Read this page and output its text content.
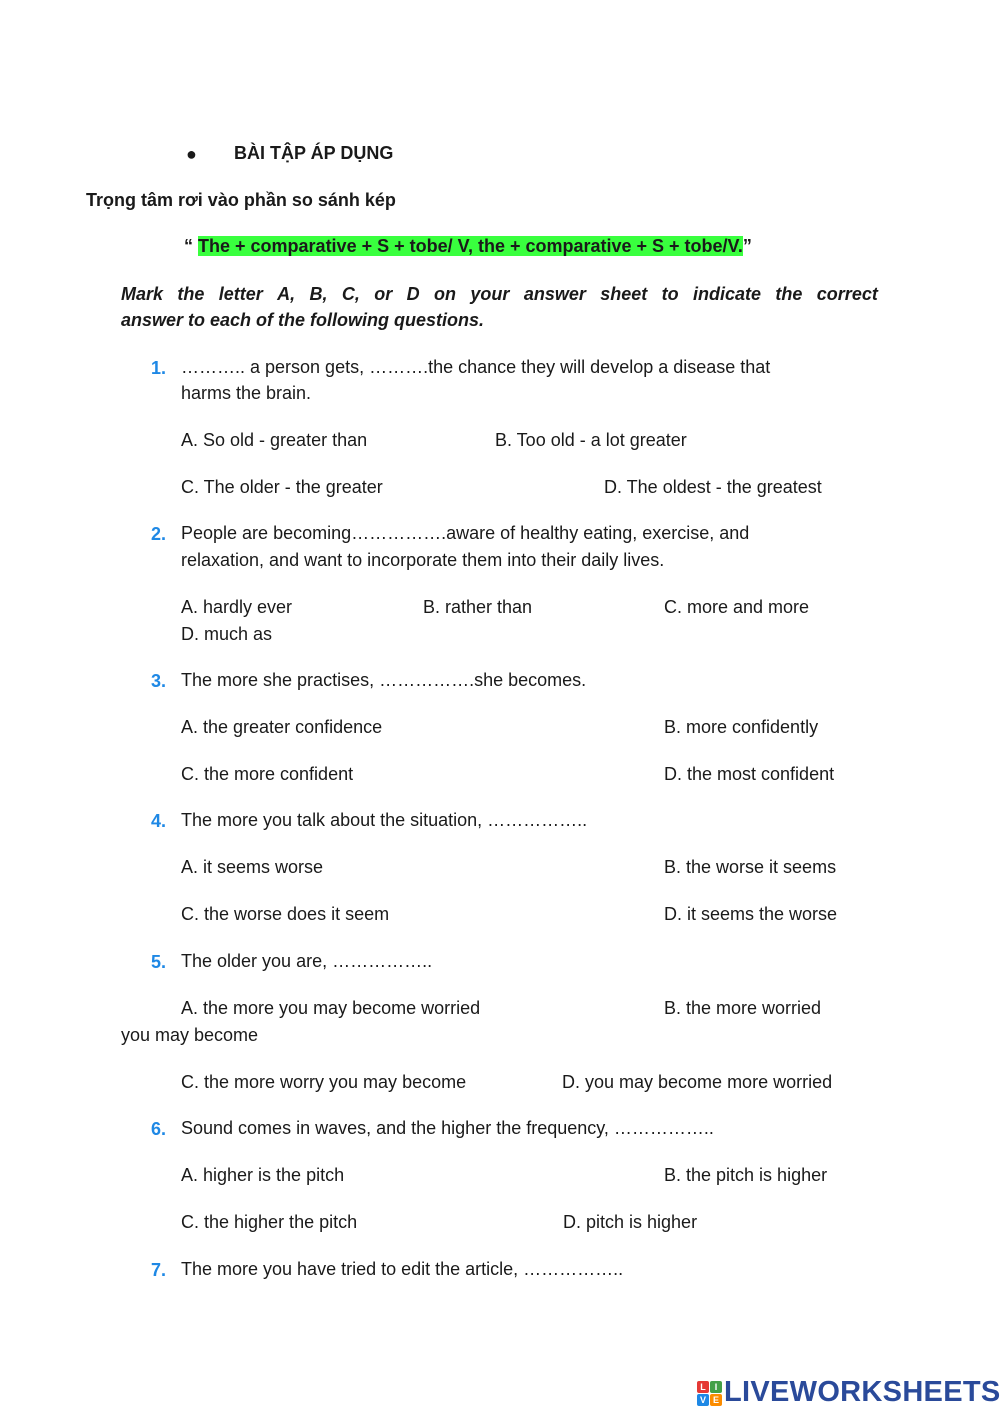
● BÀI TẬP ÁP DỤNG
Trọng tâm rơi vào phần so sánh kép
“ The + comparative + S + tobe/ V, the + comparative + S + tobe/V.”
Mark the letter A, B, C, or D on your answer sheet to indicate the correct
answer to each of the following questions.
1. ……….. a person gets, ……….the chance they will develop a disease that
harms the brain.
A. So old - greater than	B. Too old - a lot greater
C. The older - the greater	D. The oldest - the greatest
2. People are becoming…………….aware of healthy eating, exercise, and
relaxation, and want to incorporate them into their daily lives.
A. hardly ever	B. rather than	C. more and more
D. much as
3. The more she practises, …………….she becomes.
A. the greater confidence	B. more confidently
C. the more confident	D. the most confident
4. The more you talk about the situation, ……………..
A. it seems worse	B. the worse it seems
C. the worse does it seem	D. it seems the worse
5. The older you are, ……………..
A. the more you may become worried	B. the more worried
you may become
C. the more worry you may become	D. you may become more worried
6. Sound comes in waves, and the higher the frequency, ……………..
A. higher is the pitch	B. the pitch is higher
C. the higher the pitch	D. pitch is higher
7. The more you have tried to edit the article, ……………..
L I
V E LIVEWORKSHEETS
